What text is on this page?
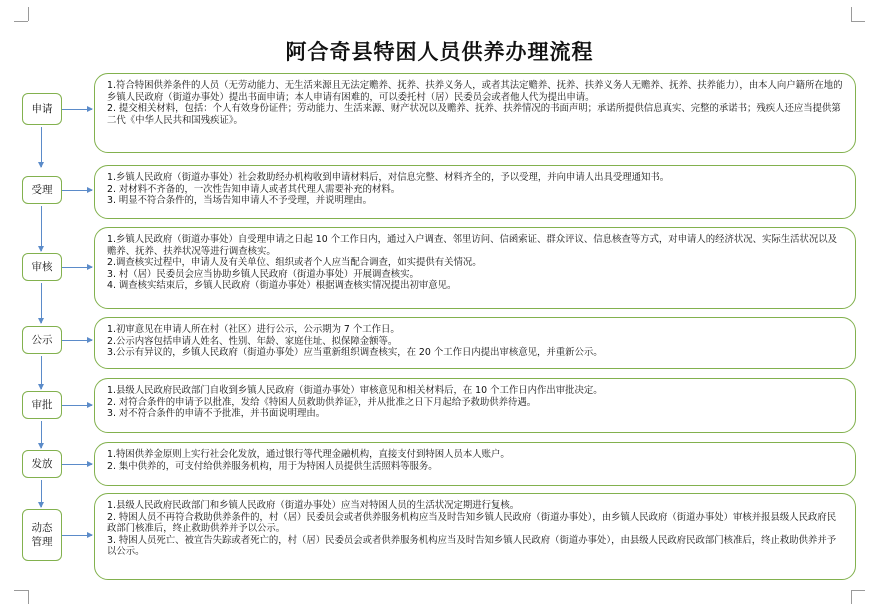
阿合奇县特困人员供养办理流程
申请
1.符合特困供养条件的人员（无劳动能力、无生活来源且无法定赡养、抚养、扶养义务人，或者其法定赡养、抚养、扶养义务人无赡养、抚养、扶养能力），由本人向户籍所在地的乡镇人民政府（街道办事处）提出书面申请；本人申请有困难的，可以委托村（居）民委员会或者他人代为提出申请。
2. 提交相关材料，包括：个人有效身份证件；劳动能力、生活来源、财产状况以及赡养、抚养、扶养情况的书面声明；承诺所提供信息真实、完整的承诺书；残疾人还应当提供第二代《中华人民共和国残疾证》。
受理
1.乡镇人民政府（街道办事处）社会救助经办机构收到申请材料后，对信息完整、材料齐全的，予以受理，并向申请人出具受理通知书。
2. 对材料不齐备的，一次性告知申请人或者其代理人需要补充的材料。
3. 明显不符合条件的，当场告知申请人不予受理，并说明理由。
审核
1.乡镇人民政府（街道办事处）自受理申请之日起 10 个工作日内，通过入户调查、邻里访问、信函索证、群众评议、信息核查等方式，对申请人的经济状况、实际生活状况以及赡养、抚养、扶养状况等进行调查核实。
2.调查核实过程中，申请人及有关单位、组织或者个人应当配合调查，如实提供有关情况。
3. 村（居）民委员会应当协助乡镇人民政府（街道办事处）开展调查核实。
4. 调查核实结束后，乡镇人民政府（街道办事处）根据调查核实情况提出初审意见。
公示
1.初审意见在申请人所在村（社区）进行公示，公示期为 7 个工作日。
2.公示内容包括申请人姓名、性别、年龄、家庭住址、拟保障金额等。
3.公示有异议的，乡镇人民政府（街道办事处）应当重新组织调查核实，在 20 个工作日内提出审核意见，并重新公示。
审批
1.县级人民政府民政部门自收到乡镇人民政府（街道办事处）审核意见和相关材料后，在 10 个工作日内作出审批决定。
2. 对符合条件的申请予以批准，发给《特困人员救助供养证》，并从批准之日下月起给予救助供养待遇。
3. 对不符合条件的申请不予批准，并书面说明理由。
发放
1.特困供养金原则上实行社会化发放，通过银行等代理金融机构，直接支付到特困人员本人账户。
2. 集中供养的，可支付给供养服务机构，用于为特困人员提供生活照料等服务。
动态
管理
1.县级人民政府民政部门和乡镇人民政府（街道办事处）应当对特困人员的生活状况定期进行复核。
2. 特困人员不再符合救助供养条件的，村（居）民委员会或者供养服务机构应当及时告知乡镇人民政府（街道办事处），由乡镇人民政府（街道办事处）审核并报县级人民政府民政部门核准后，终止救助供养并予以公示。
3. 特困人员死亡、被宣告失踪或者死亡的，村（居）民委员会或者供养服务机构应当及时告知乡镇人民政府（街道办事处），由县级人民政府民政部门核准后，终止救助供养并予以公示。
